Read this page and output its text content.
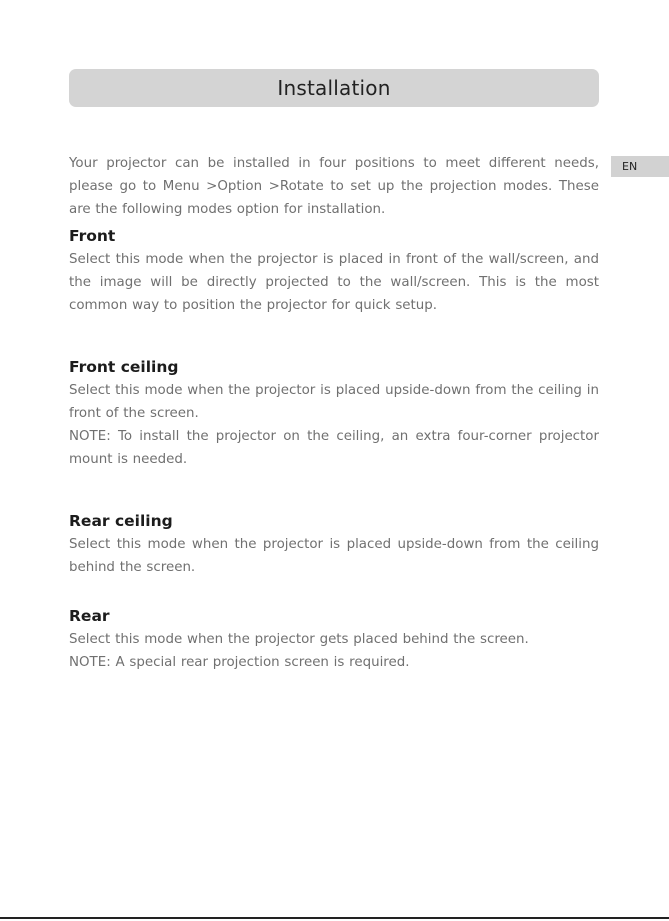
Installation
EN

Your projector can be installed in four positions to meet different needs, please go to Menu >Option >Rotate to set up the projection modes. These are the following modes option for installation.

Front

Select this mode when the projector is placed in front of the wall/screen, and the image will be directly projected to the wall/screen. This is the most common way to position the projector for quick setup.

Front ceiling

Select this mode when the projector is placed upside-down from the ceiling in front of the screen.

NOTE: To install the projector on the ceiling, an extra four-corner projector mount is needed.

Rear ceiling

Select this mode when the projector is placed upside-down from the ceiling behind the screen.

Rear

Select this mode when the projector gets placed behind the screen.

NOTE: A special rear projection screen is required.
